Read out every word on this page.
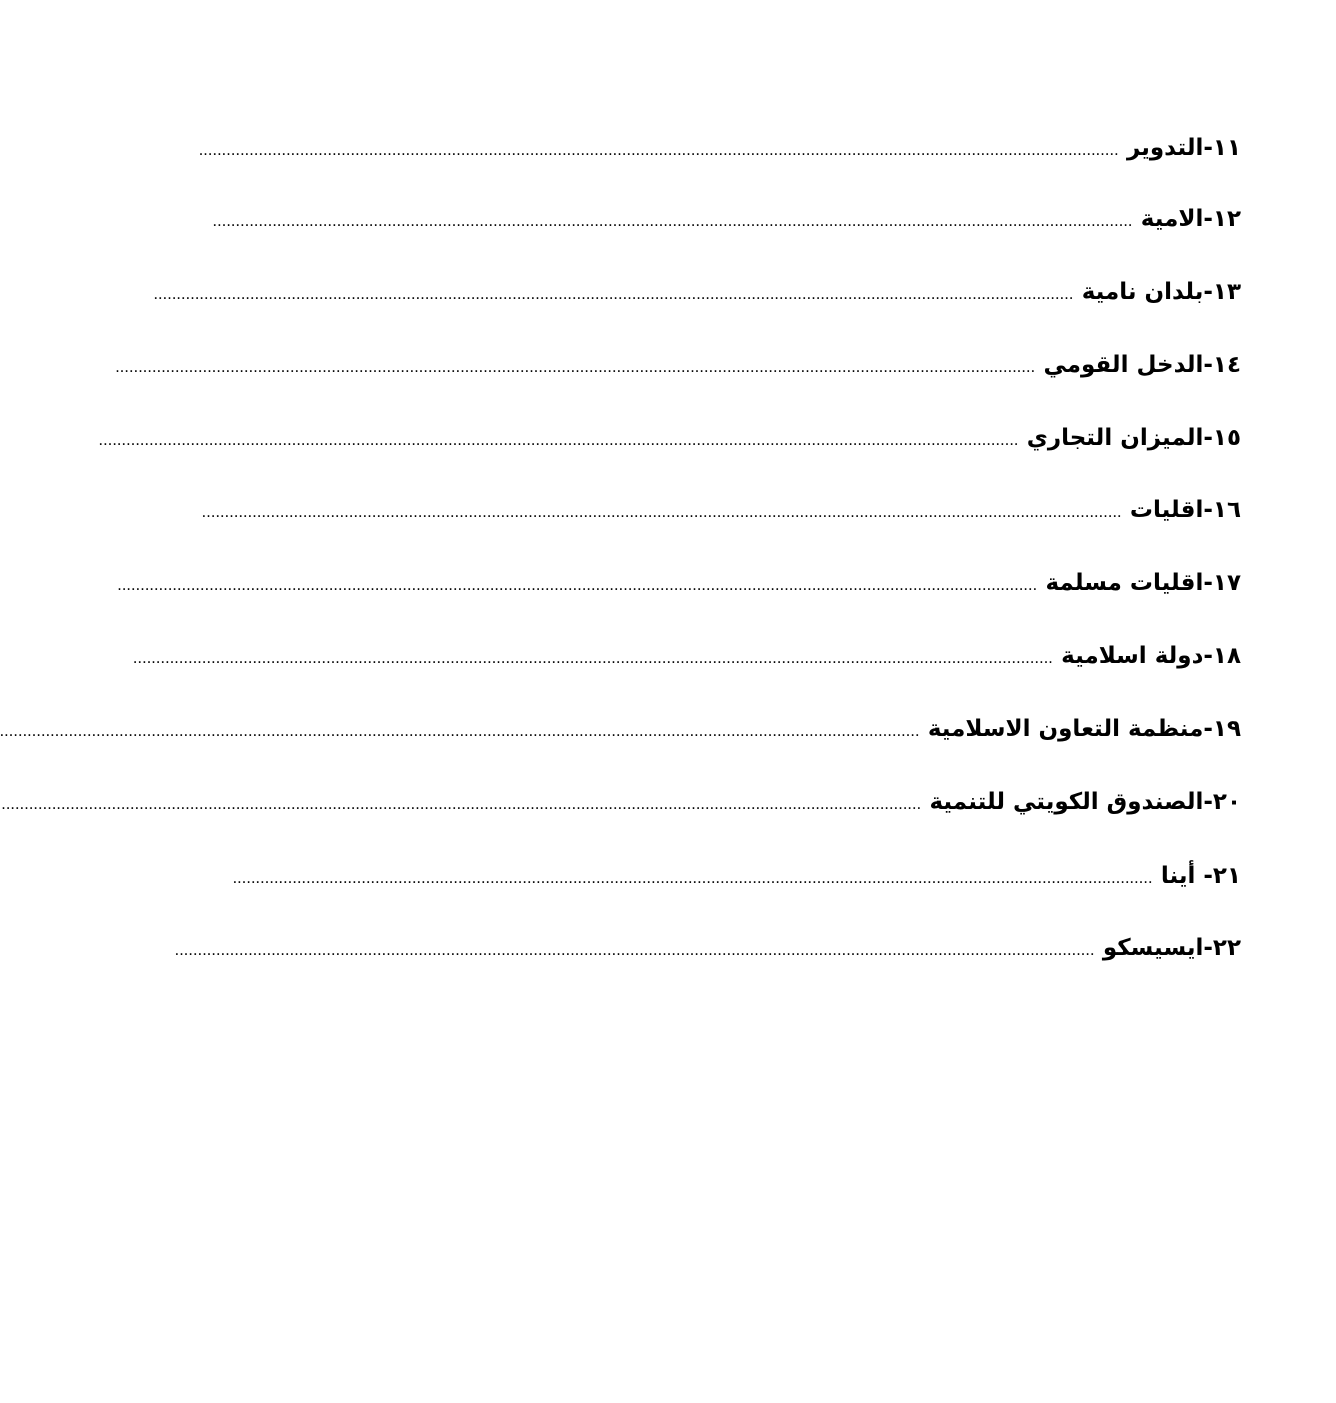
١١-التدوير
........................................................................................................................................................................................................
١٢-الامية
........................................................................................................................................................................................................
١٣-بلدان نامية
........................................................................................................................................................................................................
١٤-الدخل القومي
........................................................................................................................................................................................................
١٥-الميزان التجاري
........................................................................................................................................................................................................
١٦-اقليات
........................................................................................................................................................................................................
١٧-اقليات مسلمة
........................................................................................................................................................................................................
١٨-دولة اسلامية
........................................................................................................................................................................................................
١٩-منظمة التعاون الاسلامية
........................................................................................................................................................................................................
٢٠-الصندوق الكويتي للتنمية
........................................................................................................................................................................................................
٢١- أينا
........................................................................................................................................................................................................
٢٢-ايسيسكو
........................................................................................................................................................................................................
